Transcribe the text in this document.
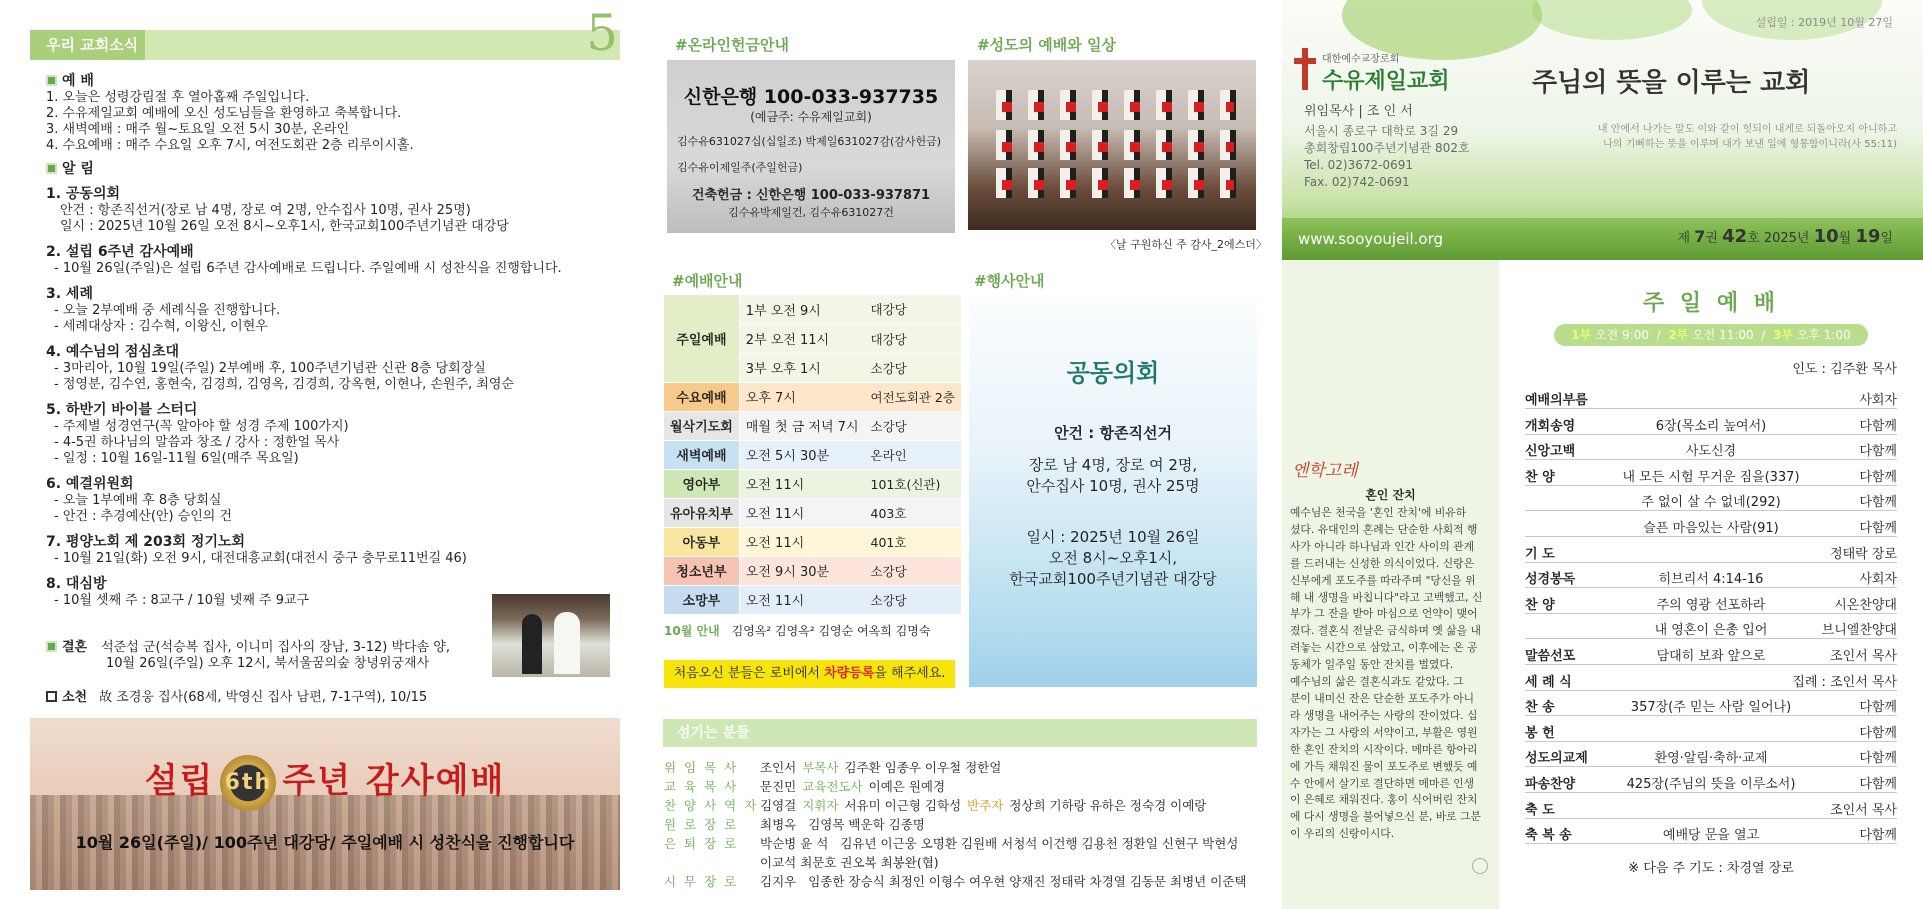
우리 교회소식	5
예 배
1. 오늘은 성령강림절 후 열아홉째 주일입니다.
2. 수유제일교회 예배에 오신 성도님들을 환영하고 축복합니다.
3. 새벽예배 : 매주 월~토요일 오전 5시 30분, 온라인
4. 수요예배 : 매주 수요일 오후 7시, 여전도회관 2층 리루이시홀.
알 림
1. 공동의회
안건 : 항존직선거(장로 남 4명, 장로 여 2명, 안수집사 10명, 권사 25명)
일시 : 2025년 10월 26일 오전 8시~오후1시, 한국교회100주년기념관 대강당
2. 설립 6주년 감사예배
- 10월 26일(주일)은 설립 6주년 감사예배로 드립니다. 주일예배 시 성찬식을 진행합니다.
3. 세례
- 오늘 2부예배 중 세례식을 진행합니다.
- 세례대상자 : 김수혁, 이왕신, 이현우
4. 예수님의 점심초대
- 3마리아, 10월 19일(주일) 2부예배 후, 100주년기념관 신관 8층 당회장실
- 정영분, 김수연, 홍현숙, 김경희, 김영옥, 김경희, 강옥현, 이현나, 손원주, 최영순
5. 하반기 바이블 스터디
- 주제별 성경연구(꼭 알아야 할 성경 주제 100가지)
- 4-5권 하나님의 말씀과 창조 / 강사 : 정한얼 목사
- 일정 : 10월 16일-11월 6일(매주 목요일)
6. 예결위원회
- 오늘 1부예배 후 8층 당회실
- 안건 : 추경예산(안) 승인의 건
7. 평양노회 제 203회 정기노회
- 10월 21일(화) 오전 9시, 대전대흥교회(대전시 중구 충무로11번길 46)
8. 대심방
- 10월 셋째 주 : 8교구 / 10월 넷째 주 9교구
결혼 석준섭 군(석승복 집사, 이니미 집사의 장남, 3-12) 박다솜 양,
10월 26일(주일) 오후 12시, 북서울꿈의숲 창녕위궁재사
소천 故 조경웅 집사(68세, 박영신 집사 남편, 7-1구역), 10/15
설립 6th 주년 감사예배
10월 26일(주일)/ 100주년 대강당/ 주일예배 시 성찬식을 진행합니다
#온라인헌금안내
신한은행 100-033-937735
(예금주: 수유제일교회)
김수유631027십(십일조) 박제일631027감(감사헌금)
김수유이제일주(주일헌금)
건축헌금 : 신한은행 100-033-937871
김수유박제일건, 김수유631027건
#성도의 예배와 일상
〈날 구원하신 주 감사_2에스더〉
#예배안내
주일예배	1부 오전 9시	대강당
	2부 오전 11시	대강당
	3부 오후 1시	소강당
수요예배	오후 7시	여전도회관 2층
월삭기도회	매월 첫 금 저녁 7시	소강당
새벽예배	오전 5시 30분	온라인
영아부	오전 11시	101호(신관)
유아유치부	오전 11시	403호
아동부	오전 11시	401호
청소년부	오전 9시 30분	소강당
소망부	오전 11시	소강당
10월 안내 김영옥² 김영옥² 김영순 여옥희 김명숙
처음오신 분들은 로비에서 차량등록을 해주세요.
#행사안내
공동의회
안건 : 항존직선거
장로 남 4명, 장로 여 2명,
안수집사 10명, 권사 25명
일시 : 2025년 10월 26일
오전 8시~오후1시,
한국교회100주년기념관 대강당
섬기는 분들
위 임 목 사 조인서 부목사 김주환 임종우 이우철 정한얼
교 육 목 사 문진민 교육전도사 이예은 원예경
찬 양 사 역 자 김영걸 지휘자 서유미 이근형 김학성 반주자 정상희 기하랑 유하은 정숙경 이예랑
원 로 장 로 최병옥 김영목 백운학 김종명
은 퇴 장 로 박순병 윤 석 김유년 이근웅 오명환 김원배 서청석 이건행 김용천 정환일 신현구 박현성
이교석 최문호 권오복 최봉완(협)
시 무 장 로 김지우 임종한 장승식 최정인 이형수 여우현 양재진 정태락 차경열 김동문 최병년 이준택
설립일 : 2019년 10월 27일
대한예수교장로회
수유제일교회	주님의 뜻을 이루는 교회
위임목사 | 조 인 서
서울시 종로구 대학로 3길 29
총회창립100주년기념관 802호
Tel. 02)3672-0691
Fax. 02)742-0691
내 안에서 나가는 말도 이와 같이 헛되이 내게로 되돌아오지 아니하고
나의 기뻐하는 뜻을 이루며 내가 보낸 일에 형통함이니라(사 55:11)
www.sooyoujeil.org	제 7권 42호 2025년 10월 19일
엔학고레
혼인 잔치
예수님은 천국을 '혼인 잔치'에 비유하
셨다. 유대인의 혼례는 단순한 사회적 행
사가 아니라 하나님과 인간 사이의 관계
를 드러내는 신성한 의식이었다. 신랑은
신부에게 포도주를 따라주며 "당신을 위
해 내 생명을 바칩니다"라고 고백했고, 신
부가 그 잔을 받아 마심으로 언약이 맺어
졌다. 결혼식 전날은 금식하며 옛 삶을 내
려놓는 시간으로 삼았고, 이후에는 온 공
동체가 일주일 동안 잔치를 벌였다.
예수님의 삶은 결혼식과도 같았다. 그
분이 내미신 잔은 단순한 포도주가 아니
라 생명을 내어주는 사랑의 잔이었다. 십
자가는 그 사랑의 서약이고, 부활은 영원
한 혼인 잔치의 시작이다. 메마른 항아리
에 가득 채워진 물이 포도주로 변했듯 예
수 안에서 살기로 결단하면 메마른 인생
이 은혜로 채워진다. 홍이 식어버린 잔치
에 다시 생명을 불어넣으신 분, 바로 그분
이 우리의 신랑이시다.
주 일 예 배
1부 오전 9:00  /  2부 오전 11:00  /  3부 오후 1:00
인도 : 김주환 목사
예배의부름	사회자
개회송영	6장(목소리 높여서)	다함께
신앙고백	사도신경	다함께
찬 양	내 모든 시험 무거운 짐을(337)	다함께
주 없이 살 수 없네(292)	다함께
슬픈 마음있는 사람(91)	다함께
기 도	정태락 장로
성경봉독	히브리서 4:14-16	사회자
찬 양	주의 영광 선포하라	시온찬양대
내 영혼이 은총 입어	브니엘찬양대
말씀선포	담대히 보좌 앞으로	조인서 목사
세 례 식	집례 : 조인서 목사
찬 송	357장(주 믿는 사람 일어나)	다함께
봉 헌	다함께
성도의교제	환영·알림·축하·교제	다함께
파송찬양	425장(주님의 뜻을 이루소서)	다함께
축 도	조인서 목사
축 복 송	예배당 문을 열고	다함께
※ 다음 주 기도 : 차경열 장로
